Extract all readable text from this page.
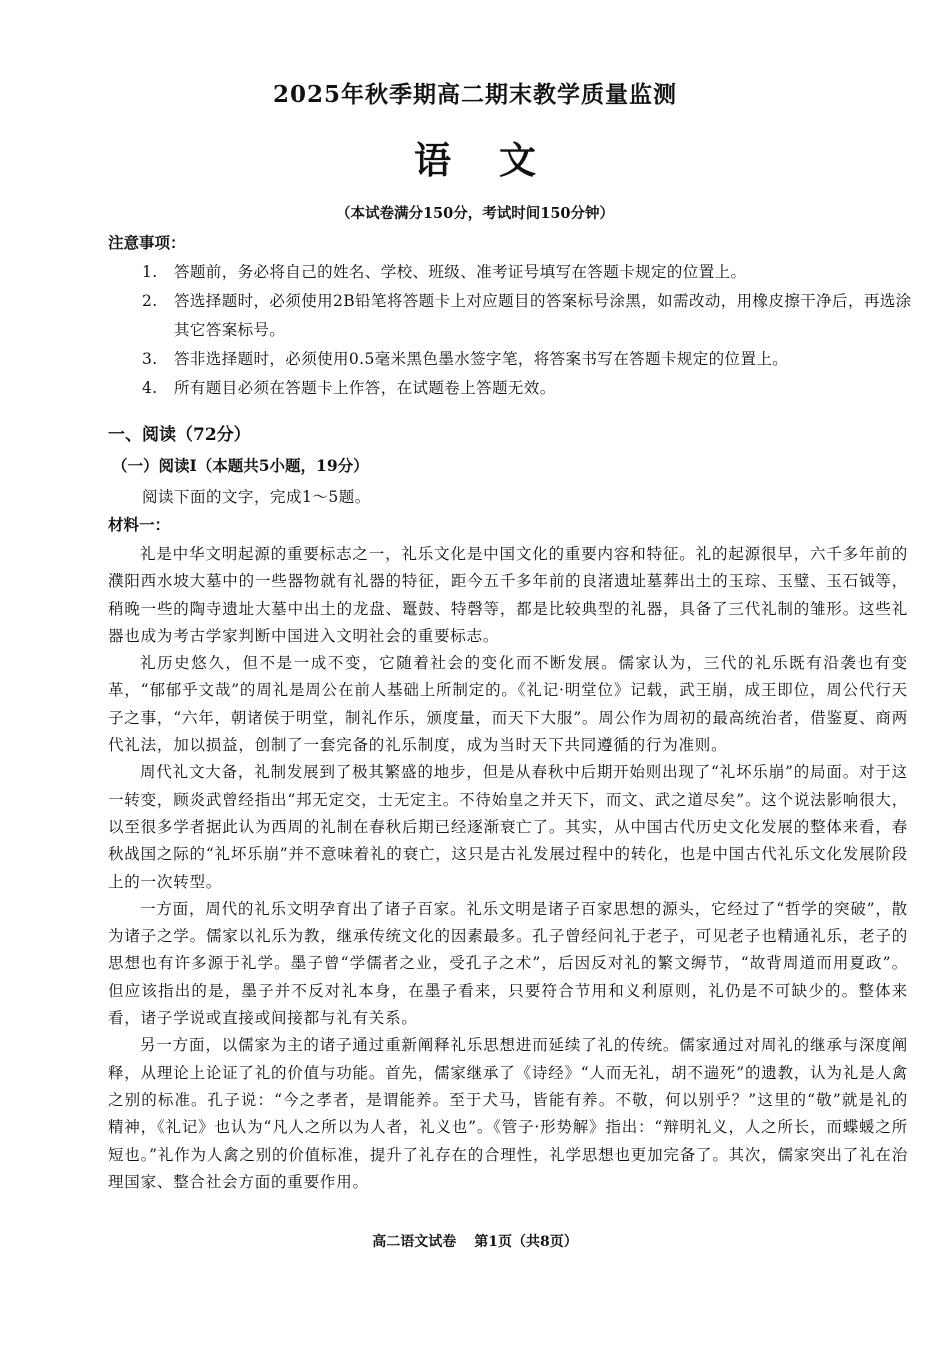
2025年秋季期高二期末教学质量监测
语 文
（本试卷满分150分，考试时间150分钟）
注意事项：
1. 答题前，务必将自己的姓名、学校、班级、准考证号填写在答题卡规定的位置上。
2. 答选择题时，必须使用2B铅笔将答题卡上对应题目的答案标号涂黑，如需改动，用橡皮擦干净后，再选涂其它答案标号。
3. 答非选择题时，必须使用0.5毫米黑色墨水签字笔，将答案书写在答题卡规定的位置上。
4. 所有题目必须在答题卡上作答，在试题卷上答题无效。
一、阅读（72分）
（一）阅读Ⅰ（本题共5小题，19分）
阅读下面的文字，完成1～5题。
材料一：

礼是中华文明起源的重要标志之一，礼乐文化是中国文化的重要内容和特征。礼的起源很早，六千多年前的濮阳西水坡大墓中的一些器物就有礼器的特征，距今五千多年前的良渚遗址墓葬出土的玉琮、玉璧、玉石钺等，稍晚一些的陶寺遗址大墓中出土的龙盘、鼍鼓、特磬等，都是比较典型的礼器，具备了三代礼制的雏形。这些礼器也成为考古学家判断中国进入文明社会的重要标志。

礼历史悠久，但不是一成不变，它随着社会的变化而不断发展。儒家认为，三代的礼乐既有沿袭也有变革，“郁郁乎文哉”的周礼是周公在前人基础上所制定的。《礼记·明堂位》记载，武王崩，成王即位，周公代行天子之事，“六年，朝诸侯于明堂，制礼作乐，颁度量，而天下大服”。周公作为周初的最高统治者，借鉴夏、商两代礼法，加以损益，创制了一套完备的礼乐制度，成为当时天下共同遵循的行为准则。

周代礼文大备，礼制发展到了极其繁盛的地步，但是从春秋中后期开始则出现了“礼坏乐崩”的局面。对于这一转变，顾炎武曾经指出“邦无定交，士无定主。不待始皇之并天下，而文、武之道尽矣”。这个说法影响很大，以至很多学者据此认为西周的礼制在春秋后期已经逐渐衰亡了。其实，从中国古代历史文化发展的整体来看，春秋战国之际的“礼坏乐崩”并不意味着礼的衰亡，这只是古礼发展过程中的转化，也是中国古代礼乐文化发展阶段上的一次转型。

一方面，周代的礼乐文明孕育出了诸子百家。礼乐文明是诸子百家思想的源头，它经过了“哲学的突破”，散为诸子之学。儒家以礼乐为教，继承传统文化的因素最多。孔子曾经问礼于老子，可见老子也精通礼乐，老子的思想也有许多源于礼学。墨子曾“学儒者之业，受孔子之术”，后因反对礼的繁文缛节，“故背周道而用夏政”。但应该指出的是，墨子并不反对礼本身，在墨子看来，只要符合节用和义利原则，礼仍是不可缺少的。整体来看，诸子学说或直接或间接都与礼有关系。

另一方面，以儒家为主的诸子通过重新阐释礼乐思想进而延续了礼的传统。儒家通过对周礼的继承与深度阐释，从理论上论证了礼的价值与功能。首先，儒家继承了《诗经》“人而无礼，胡不遄死”的遗教，认为礼是人禽之别的标准。孔子说：“今之孝者，是谓能养。至于犬马，皆能有养。不敬，何以别乎？”这里的“敬”就是礼的精神，《礼记》也认为“凡人之所以为人者，礼义也”。《管子·形势解》指出：“辩明礼义，人之所长，而蝶蝯之所短也。”礼作为人禽之别的价值标准，提升了礼存在的合理性，礼学思想也更加完备了。其次，儒家突出了礼在治理国家、整合社会方面的重要作用。

高二语文试卷 第1页（共8页）
